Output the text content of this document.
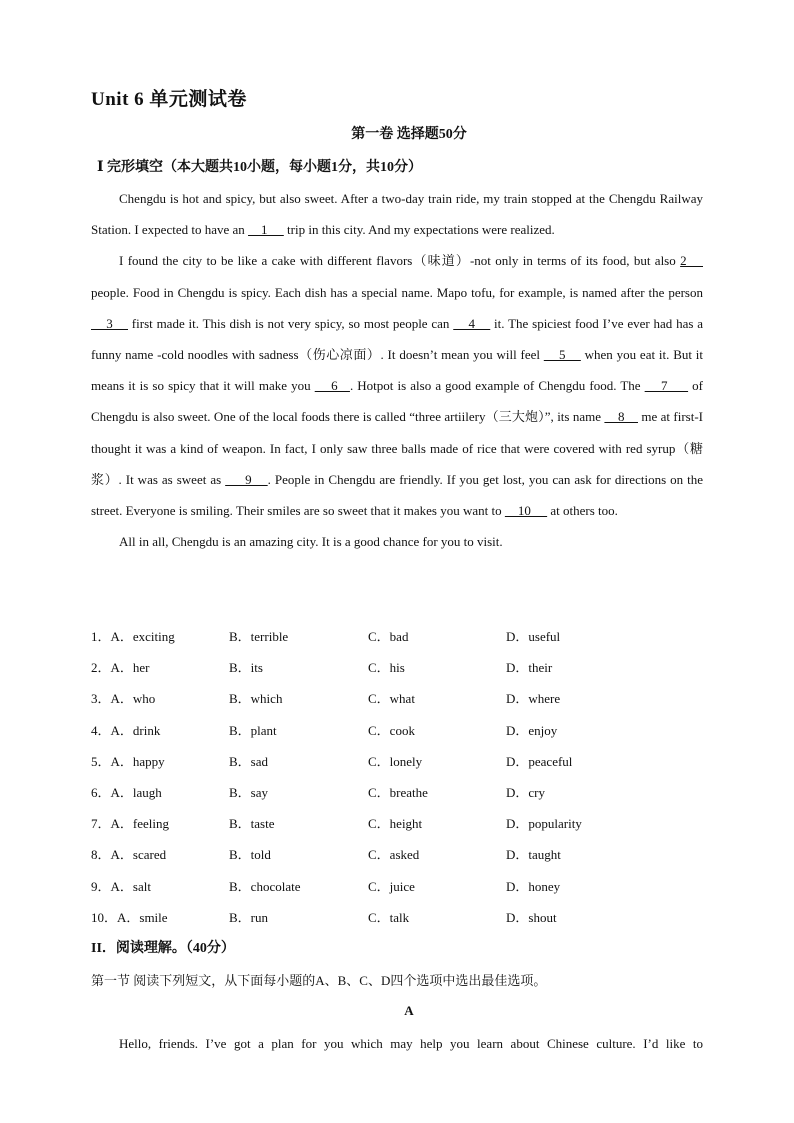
Unit 6 单元测试卷
第一卷 选择题50分
Ⅰ 完形填空（本大题共10小题，每小题1分，共10分）

Chengdu is hot and spicy, but also sweet. After a two-day train ride, my train stopped at the Chengdu Railway Station. I expected to have an     1      trip in this city. And my expectations were realized.

I found the city to be like a cake with different flavors（味道）-not only in terms of its food, but also 2     people. Food in Chengdu is spicy. Each dish has a special name. Mapo tofu, for example, is named after the person     3     first made it. This dish is not very spicy, so most people can     4     it. The spiciest food I’ve ever had has a funny name -cold noodles with sadness（伤心凉面）. It doesn’t mean you will feel     5     when you eat it. But it means it is so spicy that it will make you     6   . Hotpot is also a good example of Chengdu food. The     7      of Chengdu is also sweet. One of the local foods there is called “three artiilery（三大炮）”, its name     8     me at first-I thought it was a kind of weapon. In fact, I only saw three balls made of rice that were covered with red syrup（糖浆）. It was as sweet as      9    . People in Chengdu are friendly. If you get lost, you can ask for directions on the street. Everyone is smiling. Their smiles are so sweet that it makes you want to     10      at others too.

All in all, Chengdu is an amazing city. It is a good chance for you to visit.

1．A．exciting	B．terrible	C．bad	D．useful
2．A．her	B．its	C．his	D．their
3．A．who	B．which	C．what	D．where
4．A．drink	B．plant	C．cook	D．enjoy
5．A．happy	B．sad	C．lonely	D．peaceful
6．A．laugh	B．say	C．breathe	D．cry
7．A．feeling	B．taste	C．height	D．popularity
8．A．scared	B．told	C．asked	D．taught
9．A．salt	B．chocolate	C．juice	D．honey
10．A．smile	B．run	C．talk	D．shout
II．阅读理解。（40分）
第一节 阅读下列短文，从下面每小题的A、B、C、D四个选项中选出最佳选项。
A
Hello, friends. I’ve got a plan for you which may help you learn about Chinese culture. I’d like to
